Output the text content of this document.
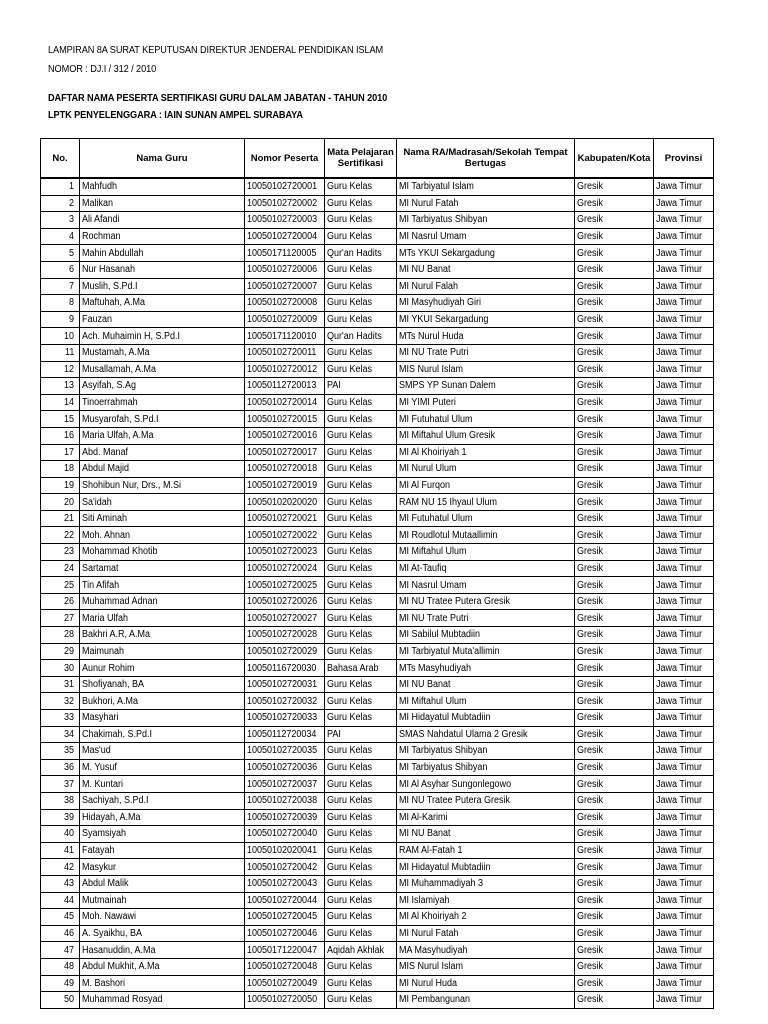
LAMPIRAN 8A SURAT KEPUTUSAN DIREKTUR JENDERAL PENDIDIKAN ISLAM
NOMOR : DJ.I / 312 / 2010
DAFTAR NAMA PESERTA SERTIFIKASI GURU DALAM JABATAN - TAHUN 2010
LPTK PENYELENGGARA : IAIN SUNAN AMPEL SURABAYA
No.	Nama Guru	Nomor Peserta	Mata Pelajaran Sertifikasi	Nama RA/Madrasah/Sekolah Tempat Bertugas	Kabupaten/Kota	Provinsi
1	Mahfudh	10050102720001	Guru Kelas	MI Tarbiyatul Islam	Gresik	Jawa Timur
2	Malikan	10050102720002	Guru Kelas	MI Nurul Fatah	Gresik	Jawa Timur
3	Ali Afandi	10050102720003	Guru Kelas	MI Tarbiyatus Shibyan	Gresik	Jawa Timur
4	Rochman	10050102720004	Guru Kelas	MI Nasrul Umam	Gresik	Jawa Timur
5	Mahin Abdullah	10050171120005	Qur'an Hadits	MTs YKUI Sekargadung	Gresik	Jawa Timur
6	Nur Hasanah	10050102720006	Guru Kelas	MI NU Banat	Gresik	Jawa Timur
7	Muslih, S.Pd.I	10050102720007	Guru Kelas	MI Nurul Falah	Gresik	Jawa Timur
8	Maftuhah, A.Ma	10050102720008	Guru Kelas	MI Masyhudiyah Giri	Gresik	Jawa Timur
9	Fauzan	10050102720009	Guru Kelas	MI YKUI Sekargadung	Gresik	Jawa Timur
10	Ach. Muhaimin H, S.Pd.I	10050171120010	Qur'an Hadits	MTs Nurul Huda	Gresik	Jawa Timur
11	Mustamah, A.Ma	10050102720011	Guru Kelas	MI NU Trate Putri	Gresik	Jawa Timur
12	Musallamah, A.Ma	10050102720012	Guru Kelas	MIS Nurul Islam	Gresik	Jawa Timur
13	Asyifah, S.Ag	10050112720013	PAI	SMPS YP Sunan Dalem	Gresik	Jawa Timur
14	Tinoerrahmah	10050102720014	Guru Kelas	MI YIMI Puteri	Gresik	Jawa Timur
15	Musyarofah, S.Pd.I	10050102720015	Guru Kelas	MI Futuhatul Ulum	Gresik	Jawa Timur
16	Maria Ulfah, A.Ma	10050102720016	Guru Kelas	MI Miftahul Ulum Gresik	Gresik	Jawa Timur
17	Abd. Manaf	10050102720017	Guru Kelas	MI Al Khoiriyah 1	Gresik	Jawa Timur
18	Abdul Majid	10050102720018	Guru Kelas	MI Nurul Ulum	Gresik	Jawa Timur
19	Shohibun Nur, Drs., M.Si	10050102720019	Guru Kelas	MI Al Furqon	Gresik	Jawa Timur
20	Sa'idah	10050102020020	Guru Kelas	RAM NU 15 Ihyaul Ulum	Gresik	Jawa Timur
21	Siti Aminah	10050102720021	Guru Kelas	MI Futuhatul Ulum	Gresik	Jawa Timur
22	Moh. Ahnan	10050102720022	Guru Kelas	MI Roudlotul Mutaallimin	Gresik	Jawa Timur
23	Mohammad Khotib	10050102720023	Guru Kelas	MI Miftahul Ulum	Gresik	Jawa Timur
24	Sartamat	10050102720024	Guru Kelas	MI At-Taufiq	Gresik	Jawa Timur
25	Tin Afifah	10050102720025	Guru Kelas	MI Nasrul Umam	Gresik	Jawa Timur
26	Muhammad Adnan	10050102720026	Guru Kelas	MI NU Tratee Putera Gresik	Gresik	Jawa Timur
27	Maria Ulfah	10050102720027	Guru Kelas	MI NU Trate Putri	Gresik	Jawa Timur
28	Bakhri A.R, A.Ma	10050102720028	Guru Kelas	MI Sabilul Mubtadiin	Gresik	Jawa Timur
29	Maimunah	10050102720029	Guru Kelas	MI Tarbiyatul Muta'allimin	Gresik	Jawa Timur
30	Aunur Rohim	10050116720030	Bahasa Arab	MTs Masyhudiyah	Gresik	Jawa Timur
31	Shofiyanah, BA	10050102720031	Guru Kelas	MI NU Banat	Gresik	Jawa Timur
32	Bukhori, A.Ma	10050102720032	Guru Kelas	MI Miftahul Ulum	Gresik	Jawa Timur
33	Masyhari	10050102720033	Guru Kelas	MI Hidayatul Mubtadiin	Gresik	Jawa Timur
34	Chakimah, S.Pd.I	10050112720034	PAI	SMAS Nahdatul Ulama 2 Gresik	Gresik	Jawa Timur
35	Mas'ud	10050102720035	Guru Kelas	MI Tarbiyatus Shibyan	Gresik	Jawa Timur
36	M. Yusuf	10050102720036	Guru Kelas	MI Tarbiyatus Shibyan	Gresik	Jawa Timur
37	M. Kuntari	10050102720037	Guru Kelas	MI Al Asyhar Sungonlegowo	Gresik	Jawa Timur
38	Sachiyah, S.Pd.I	10050102720038	Guru Kelas	MI NU Tratee Putera Gresik	Gresik	Jawa Timur
39	Hidayah, A.Ma	10050102720039	Guru Kelas	MI Al-Karimi	Gresik	Jawa Timur
40	Syamsiyah	10050102720040	Guru Kelas	MI NU Banat	Gresik	Jawa Timur
41	Fatayah	10050102020041	Guru Kelas	RAM Al-Fatah 1	Gresik	Jawa Timur
42	Masykur	10050102720042	Guru Kelas	MI Hidayatul Mubtadiin	Gresik	Jawa Timur
43	Abdul Malik	10050102720043	Guru Kelas	MI Muhammadiyah 3	Gresik	Jawa Timur
44	Mutmainah	10050102720044	Guru Kelas	MI Islamiyah	Gresik	Jawa Timur
45	Moh. Nawawi	10050102720045	Guru Kelas	MI Al Khoiriyah 2	Gresik	Jawa Timur
46	A. Syaikhu, BA	10050102720046	Guru Kelas	MI Nurul Fatah	Gresik	Jawa Timur
47	Hasanuddin, A.Ma	10050171220047	Aqidah Akhlak	MA Masyhudiyah	Gresik	Jawa Timur
48	Abdul Mukhit, A.Ma	10050102720048	Guru Kelas	MIS Nurul Islam	Gresik	Jawa Timur
49	M. Bashori	10050102720049	Guru Kelas	MI Nurul Huda	Gresik	Jawa Timur
50	Muhammad Rosyad	10050102720050	Guru Kelas	MI Pembangunan	Gresik	Jawa Timur
